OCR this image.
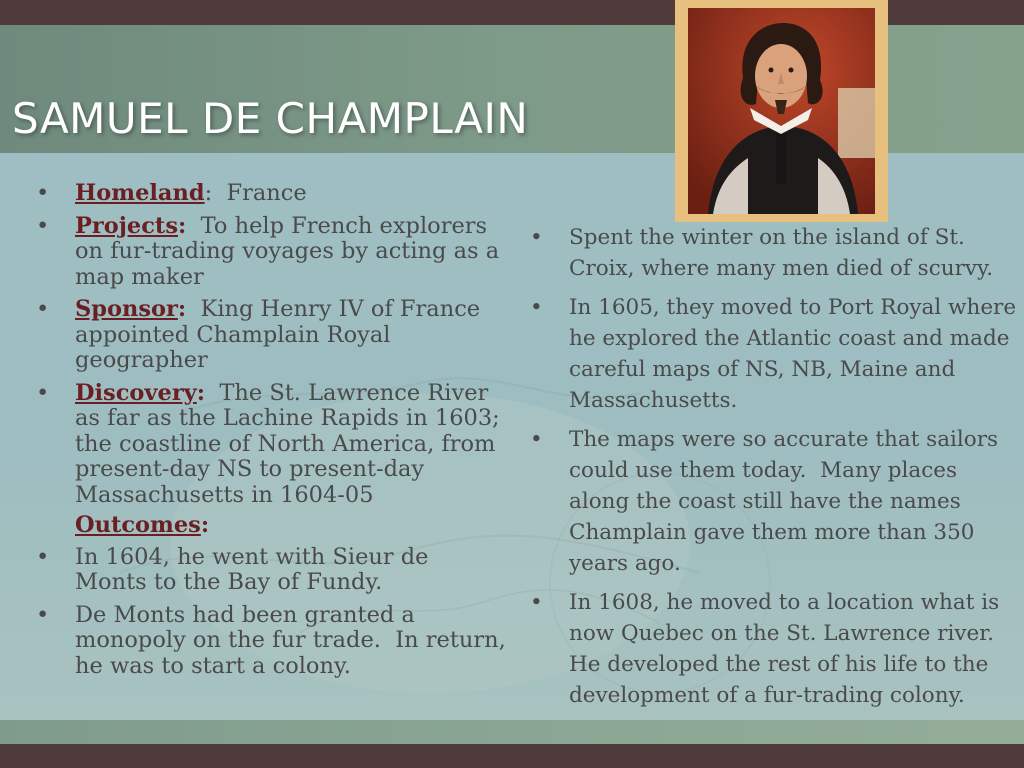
SAMUEL DE CHAMPLAIN
• Homeland:  France
• Projects:  To help French explorers on fur-trading voyages by acting as a map maker
• Sponsor:  King Henry IV of France appointed Champlain Royal geographer
• Discovery:  The St. Lawrence River as far as the Lachine Rapids in 1603; the coastline of North America, from present-day NS to present-day Massachusetts in 1604-05
Outcomes:
• In 1604, he went with Sieur de Monts to the Bay of Fundy.
• De Monts had been granted a monopoly on the fur trade.  In return, he was to start a colony.
• Spent the winter on the island of St. Croix, where many men died of scurvy.
• In 1605, they moved to Port Royal where he explored the Atlantic coast and made careful maps of NS, NB, Maine and Massachusetts.
• The maps were so accurate that sailors could use them today.  Many places along the coast still have the names Champlain gave them more than 350 years ago.
• In 1608, he moved to a location what is now Quebec on the St. Lawrence river.  He developed the rest of his life to the development of a fur-trading colony.
